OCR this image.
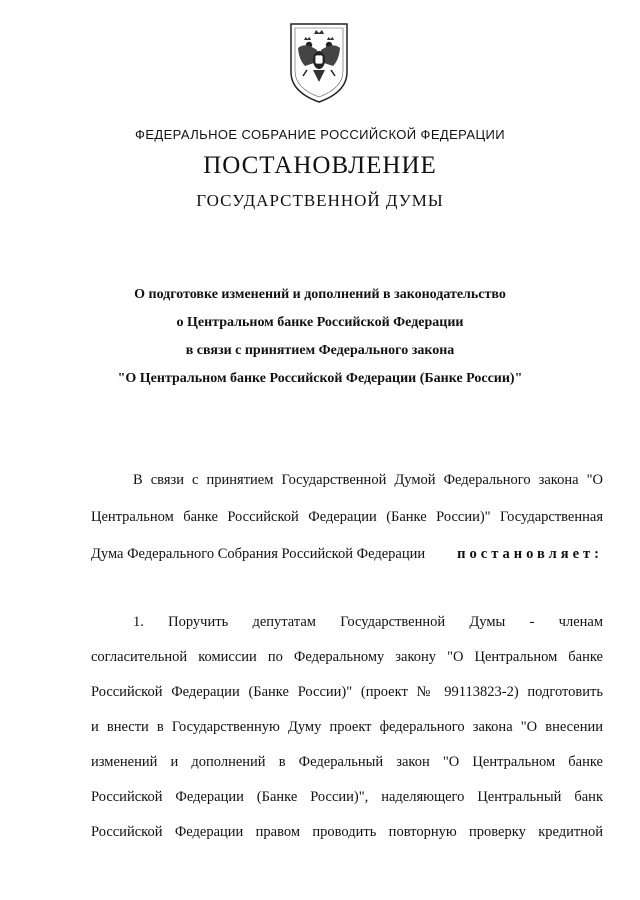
ФЕДЕРАЛЬНОЕ СОБРАНИЕ РОССИЙСКОЙ ФЕДЕРАЦИИ
ПОСТАНОВЛЕНИЕ
ГОСУДАРСТВЕННОЙ ДУМЫ
О подготовке изменений и дополнений в законодательство
о Центральном банке Российской Федерации
в связи с принятием Федерального закона
"О Центральном банке Российской Федерации (Банке России)"
В связи с принятием Государственной Думой Федерального закона "О
Центральном банке Российской Федерации (Банке России)" Государственная
Дума Федерального Собрания Российской Федерации постановляет:
1. Поручить депутатам Государственной Думы - членам
согласительной комиссии по Федеральному закону "О Центральном банке
Российской Федерации (Банке России)" (проект № 99113823-2) подготовить
и внести в Государственную Думу проект федерального закона "О внесении
изменений и дополнений в Федеральный закон "О Центральном банке
Российской Федерации (Банке России)", наделяющего Центральный банк
Российской Федерации правом проводить повторную проверку кредитной
